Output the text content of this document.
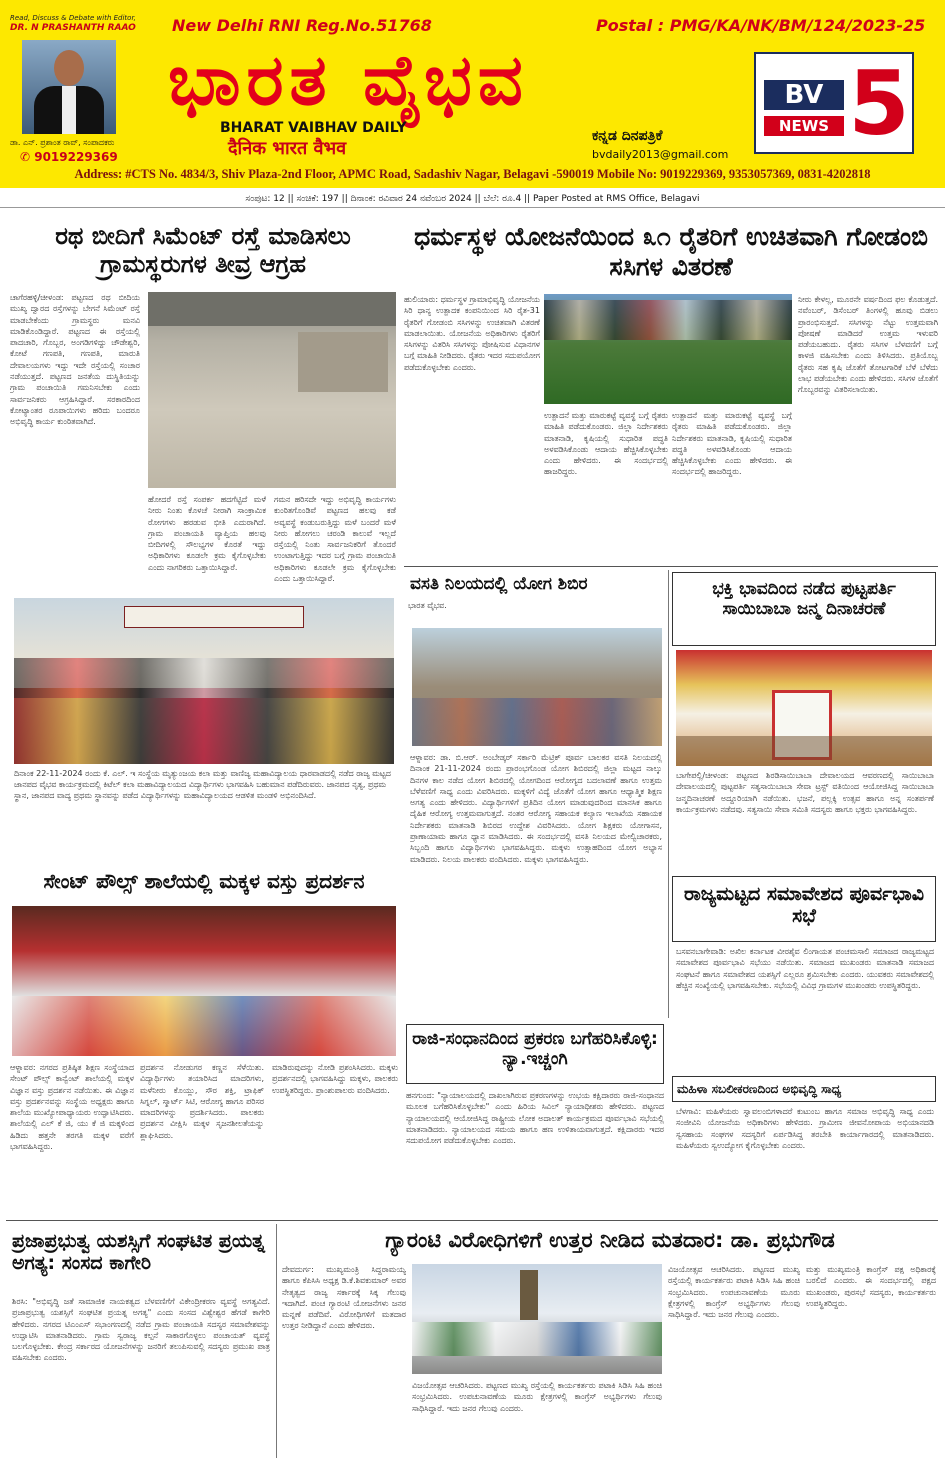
Read, Discuss & Debate with Editor,
DR. N PRASHANTH RAAO
ಡಾ. ಎನ್. ಪ್ರಶಾಂತ ರಾವ್, ಸಂಪಾದಕರು
✆ 9019229369
New Delhi RNI Reg.No.51768	Postal : PMG/KA/NK/BM/124/2023-25
ಭಾರತ ವೈಭವ
BHARAT VAIBHAV DAILY
दैनिक भारत वैभव
ಕನ್ನಡ ದಿನಪತ್ರಿಕೆ
bvdaily2013@gmail.com
BV
NEWS 5
Address: #CTS No. 4834/3, Shiv Plaza-2nd Floor, APMC Road, Sadashiv Nagar, Belagavi -590019 Mobile No: 9019229369, 9353057369, 0831-4202818
ಸಂಪುಟ: 12 || ಸಂಚಿಕೆ: 197 || ದಿನಾಂಕ: ರವಿವಾರ 24 ನವೆಂಬರ 2024 || ಬೆಲೆ: ರೂ.4 || Paper Posted at RMS Office, Belagavi
ರಥ ಬೀದಿಗೆ ಸಿಮೆಂಟ್ ರಸ್ತೆ ಮಾಡಿಸಲು ಗ್ರಾಮಸ್ಥರುಗಳ ತೀವ್ರ ಆಗ್ರಹ
ಚಾಗೆರಹಳ್ಳಿ/ಚೀಳಂಡ: ಪಟ್ಟಣದ ರಥ ಬೀದಿಯ ಮುಖ್ಯ ದ್ವಾರದ ರಸ್ತೆಗಳನ್ನು ಬೇಗನೆ ಸಿಮೆಂಟ್ ರಸ್ತೆ ಮಾಡಬೇಕೆಂದು ಗ್ರಾಮಸ್ಥರು ಮನವಿ ಮಾಡಿಕೊಂಡಿದ್ದಾರೆ. ಪಟ್ಟಣದ ಈ ರಸ್ತೆಯಲ್ಲಿ ಪಾದಚಾರಿ, ಗೊಬ್ಬರ, ಅಂಗಡಿಗಳಿದ್ದು ಚೌಡೇಶ್ವರಿ, ಕೋಟೆ ಗಣಪತಿ, ಗಣಪತಿ, ಮಾರುತಿ ದೇವಾಲಯಗಳು ಇದ್ದು ಇದೇ ರಸ್ತೆಯಲ್ಲಿ ಸಂಚಾರ ನಡೆಯುತ್ತದೆ. ಪಟ್ಟಣದ ಜನತೆಯ ದುಸ್ಥಿತಿಯನ್ನು ಗ್ರಾಮ ಪಂಚಾಯಿತಿ ಗಮನಿಸಬೇಕು ಎಂದು ಸಾರ್ವಜನಿಕರು ಆಗ್ರಹಿಸಿದ್ದಾರೆ. ಸರಕಾರದಿಂದ ಕೋಟ್ಯಾಂತರ ರೂಪಾಯಿಗಳು ಹರಿದು ಬಂದರೂ ಅಭಿವೃದ್ಧಿ ಕಾರ್ಯ ಕುಂಠಿತವಾಗಿದೆ.
ಹೋದರೆ ರಸ್ತೆ ಸಂಪರ್ಕ ಹದಗೆಟ್ಟಿದೆ ಮಳೆ ನೀರು ನಿಂತು ಕೊಳಚೆ ನೀರಾಗಿ ಸಾಂಕ್ರಾಮಿಕ ರೋಗಗಳು ಹರಡುವ ಭೀತಿ ಎದುರಾಗಿದೆ. ಗ್ರಾಮ ಪಂಚಾಯತಿ ವ್ಯಾಪ್ತಿಯ ಹಲವು ಬೀದಿಗಳಲ್ಲಿ ಸೌಲಭ್ಯಗಳ ಕೊರತೆ ಇದ್ದು ಅಧಿಕಾರಿಗಳು ಕೂಡಲೇ ಕ್ರಮ ಕೈಗೊಳ್ಳಬೇಕು ಎಂದು ನಾಗರಿಕರು ಒತ್ತಾಯಿಸಿದ್ದಾರೆ.
ಗಮನ ಹರಿಸದೇ ಇದ್ದು ಅಭಿವೃದ್ಧಿ ಕಾರ್ಯಗಳು ಕುಂಠಿತಗೊಂಡಿವೆ ಪಟ್ಟಣದ ಹಲವು ಕಡೆ ಅವ್ಯವಸ್ಥೆ ಕಂಡುಬರುತ್ತಿದ್ದು ಮಳೆ ಬಂದರೆ ಮಳೆ ನೀರು ಹೋಗಲು ಚರಂಡಿ ಕಾಲುವೆ ಇಲ್ಲದೆ ರಸ್ತೆಯಲ್ಲಿ ನಿಂತು ಸಾರ್ವಜನಿಕರಿಗೆ ತೊಂದರೆ ಉಂಟಾಗುತ್ತಿದ್ದು ಇದರ ಬಗ್ಗೆ ಗ್ರಾಮ ಪಂಚಾಯಿತಿ ಅಧಿಕಾರಿಗಳು ಕೂಡಲೇ ಕ್ರಮ ಕೈಗೊಳ್ಳಬೇಕು ಎಂದು ಒತ್ತಾಯಿಸಿದ್ದಾರೆ.
ದಿನಾಂಕ 22-11-2024 ರಂದು ಕೆ. ಎಲ್. ಇ ಸಂಸ್ಥೆಯ ಮೃತ್ಯುಂಜಯ ಕಲಾ ಮತ್ತು ವಾಣಿಜ್ಯ ಮಹಾವಿದ್ಯಾಲಯ ಧಾರವಾಡದಲ್ಲಿ ನಡೆದ ರಾಜ್ಯ ಮಟ್ಟದ ಜಾನಪದ ವೈಭವ ಕಾರ್ಯಕ್ರಮದಲ್ಲಿ ಕಿಟೆಲ್ ಕಲಾ ಮಹಾವಿದ್ಯಾಲಯದ ವಿದ್ಯಾರ್ಥಿಗಳು ಭಾಗವಹಿಸಿ ಬಹುಮಾನ ಪಡೆದಿರುವರು. ಜಾನಪದ ನೃತ್ಯ, ಪ್ರಥಮ ಸ್ಥಾನ, ಜಾನಪದ ವಾದ್ಯ ಪ್ರಥಮ ಸ್ಥಾನವನ್ನು ಪಡೆದ ವಿದ್ಯಾರ್ಥಿಗಳನ್ನು ಮಹಾವಿದ್ಯಾಲಯದ ಆಡಳಿತ ಮಂಡಳಿ ಅಭಿನಂದಿಸಿದೆ.
ಧರ್ಮಸ್ಥಳ ಯೋಜನೆಯಿಂದ ೩೧ ರೈತರಿಗೆ ಉಚಿತವಾಗಿ ಗೋಡಂಬಿ ಸಸಿಗಳ ವಿತರಣೆ
ಹುಲಿಯಾರು: ಧರ್ಮಸ್ಥಳ ಗ್ರಾಮಾಭಿವೃದ್ಧಿ ಯೋಜನೆಯ ಸಿರಿ ಧಾನ್ಯ ಉತ್ಪಾದಕ ಕಂಪನಿಯಿಂದ ಸಿರಿ ರೈತ-31 ರೈತರಿಗೆ ಗೋಡಂಬಿ ಸಸಿಗಳನ್ನು ಉಚಿತವಾಗಿ ವಿತರಣೆ ಮಾಡಲಾಯಿತು. ಯೋಜನೆಯ ಅಧಿಕಾರಿಗಳು ರೈತರಿಗೆ ಸಸಿಗಳನ್ನು ವಿತರಿಸಿ ಸಸಿಗಳನ್ನು ಪೋಷಿಸುವ ವಿಧಾನಗಳ ಬಗ್ಗೆ ಮಾಹಿತಿ ನೀಡಿದರು. ರೈತರು ಇದರ ಸದುಪಯೋಗ ಪಡೆದುಕೊಳ್ಳಬೇಕು ಎಂದರು.
ಉತ್ಪಾದನೆ ಮತ್ತು ಮಾರುಕಟ್ಟೆ ವ್ಯವಸ್ಥೆ ಬಗ್ಗೆ ರೈತರು ಮಾಹಿತಿ ಪಡೆದುಕೊಂಡರು. ಜಿಲ್ಲಾ ನಿರ್ದೇಶಕರು ಮಾತನಾಡಿ, ಕೃಷಿಯಲ್ಲಿ ಸುಧಾರಿತ ಪದ್ಧತಿ ಅಳವಡಿಸಿಕೊಂಡು ಆದಾಯ ಹೆಚ್ಚಿಸಿಕೊಳ್ಳಬೇಕು ಎಂದು ಹೇಳಿದರು. ಈ ಸಂದರ್ಭದಲ್ಲಿ ಹಾಜರಿದ್ದರು.
ಉತ್ಪಾದನೆ ಮತ್ತು ಮಾರುಕಟ್ಟೆ ವ್ಯವಸ್ಥೆ ಬಗ್ಗೆ ರೈತರು ಮಾಹಿತಿ ಪಡೆದುಕೊಂಡರು. ಜಿಲ್ಲಾ ನಿರ್ದೇಶಕರು ಮಾತನಾಡಿ, ಕೃಷಿಯಲ್ಲಿ ಸುಧಾರಿತ ಪದ್ಧತಿ ಅಳವಡಿಸಿಕೊಂಡು ಆದಾಯ ಹೆಚ್ಚಿಸಿಕೊಳ್ಳಬೇಕು ಎಂದು ಹೇಳಿದರು. ಈ ಸಂದರ್ಭದಲ್ಲಿ ಹಾಜರಿದ್ದರು.
ನೀರು ಕೇಳಲ್ಲ, ಮೂರನೇ ವರ್ಷದಿಂದ ಫಲ ಕೊಡುತ್ತದೆ. ನವೆಂಬರ್, ಡಿಸೆಂಬರ್ ತಿಂಗಳಲ್ಲಿ ಹೂವು ಬಿಡಲು ಪ್ರಾರಂಭಿಸುತ್ತದೆ. ಸಸಿಗಳನ್ನು ನೆಟ್ಟು ಉತ್ತಮವಾಗಿ ಪೋಷಣೆ ಮಾಡಿದರೆ ಉತ್ತಮ ಇಳುವರಿ ಪಡೆಯಬಹುದು. ರೈತರು ಸಸಿಗಳ ಬೆಳವಣಿಗೆ ಬಗ್ಗೆ ಕಾಳಜಿ ವಹಿಸಬೇಕು ಎಂದು ತಿಳಿಸಿದರು. ಪ್ರತಿಯೊಬ್ಬ ರೈತರು ಸಹ ಕೃಷಿ ಜೊತೆಗೆ ತೋಟಗಾರಿಕೆ ಬೆಳೆ ಬೆಳೆದು ಲಾಭ ಪಡೆಯಬೇಕು ಎಂದು ಹೇಳಿದರು. ಸಸಿಗಳ ಜೊತೆಗೆ ಗೊಬ್ಬರವನ್ನು ವಿತರಿಸಲಾಯಿತು.
ವಸತಿ ನಿಲಯದಲ್ಲಿ ಯೋಗ ಶಿಬಿರ
ಭಾರತ ವೈಭವ.
ಆಳ್ನಾವರ: ಡಾ. ಬಿ.ಆರ್. ಅಂಬೇಡ್ಕರ್ ಸರ್ಕಾರಿ ಮೆಟ್ರಿಕ್ ಪೂರ್ವ ಬಾಲಕರ ವಸತಿ ನಿಲಯದಲ್ಲಿ ದಿನಾಂಕ 21-11-2024 ರಂದು ಪ್ರಾರಂಭಗೊಂಡ ಯೋಗ ಶಿಬಿರದಲ್ಲಿ ಜಿಲ್ಲಾ ಮಟ್ಟದ ನಾಲ್ಕು ದಿನಗಳ ಕಾಲ ನಡೆದ ಯೋಗ ಶಿಬಿರದಲ್ಲಿ ಯೋಗದಿಂದ ಆರೋಗ್ಯದ ಬದಲಾವಣೆ ಹಾಗೂ ಉತ್ತಮ ಬೆಳೆವಣಿಗೆ ಸಾಧ್ಯ ಎಂದು ವಿವರಿಸಿದರು. ಮಕ್ಕಳಿಗೆ ವಿದ್ಯೆ ಜೊತೆಗೆ ಯೋಗ ಹಾಗೂ ಆಧ್ಯಾತ್ಮಿಕ ಶಿಕ್ಷಣ ಅಗತ್ಯ ಎಂದು ಹೇಳಿದರು. ವಿದ್ಯಾರ್ಥಿಗಳಿಗೆ ಪ್ರತಿದಿನ ಯೋಗ ಮಾಡುವುದರಿಂದ ಮಾನಸಿಕ ಹಾಗೂ ದೈಹಿಕ ಆರೋಗ್ಯ ಉತ್ತಮವಾಗುತ್ತದೆ. ನಂತರ ಆರೋಗ್ಯ ಸಹಾಯಕ ಕಲ್ಯಾಣ ಇಲಾಖೆಯ ಸಹಾಯಕ ನಿರ್ದೇಶಕರು ಮಾತನಾಡಿ ಶಿಬಿರದ ಉದ್ದೇಶ ವಿವರಿಸಿದರು. ಯೋಗ ಶಿಕ್ಷಕರು ಯೋಗಾಸನ, ಪ್ರಾಣಾಯಾಮ ಹಾಗೂ ಧ್ಯಾನ ಮಾಡಿಸಿದರು. ಈ ಸಂದರ್ಭದಲ್ಲಿ ವಸತಿ ನಿಲಯದ ಮೇಲ್ವಿಚಾರಕರು, ಸಿಬ್ಬಂದಿ ಹಾಗೂ ವಿದ್ಯಾರ್ಥಿಗಳು ಭಾಗವಹಿಸಿದ್ದರು. ಮಕ್ಕಳು ಉತ್ಸಾಹದಿಂದ ಯೋಗ ಅಭ್ಯಾಸ ಮಾಡಿದರು. ನಿಲಯ ಪಾಲಕರು ವಂದಿಸಿದರು. ಮಕ್ಕಳು ಭಾಗವಹಿಸಿದ್ದರು.
ಭಕ್ತಿ ಭಾವದಿಂದ ನಡೆದ ಪುಟ್ಟಪರ್ತಿ ಸಾಯಿಬಾಬಾ ಜನ್ಮ ದಿನಾಚರಣೆ
ಬಾಗೇಪಲ್ಲಿ/ಚೀಳಂಡ: ಪಟ್ಟಣದ ಶಿರಡಿಸಾಯಿಬಾಬಾ ದೇವಾಲಯದ ಆವರಣದಲ್ಲಿ ಸಾಯಿಬಾಬಾ ದೇವಾಲಯದಲ್ಲಿ ಪುಟ್ಟಪರ್ತಿ ಸತ್ಯಸಾಯಿಬಾಬಾ ಸೇವಾ ಟ್ರಸ್ಟ್ ವತಿಯಿಂದ ಆಯೋಜಿಸಿದ್ದ ಸಾಯಿಬಾಬಾ ಜನ್ಮದಿನಾಚರಣೆ ಅದ್ದೂರಿಯಾಗಿ ನಡೆಯಿತು. ಭಜನೆ, ಪಲ್ಲಕ್ಕಿ ಉತ್ಸವ ಹಾಗೂ ಅನ್ನ ಸಂತರ್ಪಣೆ ಕಾರ್ಯಕ್ರಮಗಳು ನಡೆದವು. ಸತ್ಯಸಾಯಿ ಸೇವಾ ಸಮಿತಿ ಸದಸ್ಯರು ಹಾಗೂ ಭಕ್ತರು ಭಾಗವಹಿಸಿದ್ದರು.
ಸೇಂಟ್ ಪೌಲ್ಸ್ ಶಾಲೆಯಲ್ಲಿ ಮಕ್ಕಳ ವಸ್ತು ಪ್ರದರ್ಶನ
ಆಳ್ನಾವರ: ನಗರದ ಪ್ರತಿಷ್ಠಿತ ಶಿಕ್ಷಣ ಸಂಸ್ಥೆಯಾದ ಸೇಂಟ್ ಪೌಲ್ಸ್ ಕಾನ್ವೆಂಟ್ ಶಾಲೆಯಲ್ಲಿ ಮಕ್ಕಳ ವಿಜ್ಞಾನ ವಸ್ತು ಪ್ರದರ್ಶನ ನಡೆಯಿತು. ಈ ವಿಜ್ಞಾನ ವಸ್ತು ಪ್ರದರ್ಶನವನ್ನು ಸಂಸ್ಥೆಯ ಅಧ್ಯಕ್ಷರು ಹಾಗೂ ಶಾಲೆಯ ಮುಖ್ಯೋಪಾಧ್ಯಾಯರು ಉದ್ಘಾಟಿಸಿದರು. ಶಾಲೆಯಲ್ಲಿ ಎಲ್ ಕೆ ಜಿ, ಯು ಕೆ ಜಿ ಮಕ್ಕಳಿಂದ ಹಿಡಿದು ಹತ್ತನೇ ತರಗತಿ ಮಕ್ಕಳ ವರೆಗೆ ಭಾಗವಹಿಸಿದ್ದರು.
ಪ್ರದರ್ಶನ ನೋಡುಗರ ಕಣ್ಣನ ಸೆಳೆಯಿತು. ವಿದ್ಯಾರ್ಥಿಗಳು ತಯಾರಿಸಿದ ಮಾದರಿಗಳು, ಮಳೆನೀರು ಕೊಯ್ಲು, ಸೌರ ಶಕ್ತಿ, ಟ್ರಾಫಿಕ್ ಸಿಗ್ನಲ್, ಸ್ಮಾರ್ಟ್ ಸಿಟಿ, ಆರೋಗ್ಯ ಹಾಗೂ ಪರಿಸರ ಮಾದರಿಗಳನ್ನು ಪ್ರದರ್ಶಿಸಿದರು. ಪಾಲಕರು ಪ್ರದರ್ಶನ ವೀಕ್ಷಿಸಿ ಮಕ್ಕಳ ಸೃಜನಶೀಲತೆಯನ್ನು ಶ್ಲಾಘಿಸಿದರು.
ಮಾಡಿರುವುದನ್ನು ನೋಡಿ ಪ್ರಶಂಸಿಸಿದರು. ಮಕ್ಕಳು ಪ್ರದರ್ಶನದಲ್ಲಿ ಭಾಗವಹಿಸಿದ್ದು ಮಕ್ಕಳು, ಪಾಲಕರು ಉಪಸ್ಥಿತರಿದ್ದರು. ಪ್ರಾಂಶುಪಾಲರು ವಂದಿಸಿದರು.
ರಾಜ್ಯಮಟ್ಟದ ಸಮಾವೇಶದ ಪೂರ್ವಭಾವಿ ಸಭೆ
ಬಸವನಬಾಗೇವಾಡಿ: ಅಖಿಲ ಕರ್ನಾಟಕ ವೀರಶೈವ ಲಿಂಗಾಯತ ಪಂಚಮಸಾಲಿ ಸಮಾಜದ ರಾಜ್ಯಮಟ್ಟದ ಸಮಾವೇಶದ ಪೂರ್ವಭಾವಿ ಸಭೆಯು ನಡೆಯಿತು. ಸಮಾಜದ ಮುಖಂಡರು ಮಾತನಾಡಿ ಸಮಾಜದ ಸಂಘಟನೆ ಹಾಗೂ ಸಮಾವೇಶದ ಯಶಸ್ಸಿಗೆ ಎಲ್ಲರೂ ಶ್ರಮಿಸಬೇಕು ಎಂದರು. ಯುವಕರು ಸಮಾವೇಶದಲ್ಲಿ ಹೆಚ್ಚಿನ ಸಂಖ್ಯೆಯಲ್ಲಿ ಭಾಗವಹಿಸಬೇಕು. ಸಭೆಯಲ್ಲಿ ವಿವಿಧ ಗ್ರಾಮಗಳ ಮುಖಂಡರು ಉಪಸ್ಥಿತರಿದ್ದರು.
ರಾಜಿ-ಸಂಧಾನದಿಂದ ಪ್ರಕರಣ ಬಗೆಹರಿಸಿಕೊಳ್ಳಿ: ನ್ಯಾ.ಇಚ್ಚಂಗಿ
ಹನಗುಂದ: "ನ್ಯಾಯಾಲಯದಲ್ಲಿ ದಾಖಲಾಗಿರುವ ಪ್ರಕರಣಗಳನ್ನು ಉಭಯ ಕಕ್ಷಿದಾರರು ರಾಜಿ-ಸಂಧಾನದ ಮೂಲಕ ಬಗೆಹರಿಸಿಕೊಳ್ಳಬೇಕು" ಎಂದು ಹಿರಿಯ ಸಿವಿಲ್ ನ್ಯಾಯಾಧೀಶರು ಹೇಳಿದರು. ಪಟ್ಟಣದ ನ್ಯಾಯಾಲಯದಲ್ಲಿ ಆಯೋಜಿಸಿದ್ದ ರಾಷ್ಟ್ರೀಯ ಲೋಕ ಅದಾಲತ್ ಕಾರ್ಯಕ್ರಮದ ಪೂರ್ವಭಾವಿ ಸಭೆಯಲ್ಲಿ ಮಾತನಾಡಿದರು. ನ್ಯಾಯಾಲಯದ ಸಮಯ ಹಾಗೂ ಹಣ ಉಳಿತಾಯವಾಗುತ್ತದೆ. ಕಕ್ಷಿದಾರರು ಇದರ ಸದುಪಯೋಗ ಪಡೆದುಕೊಳ್ಳಬೇಕು ಎಂದರು.
ಮಹಿಳಾ ಸಬಲೀಕರಣದಿಂದ ಅಭಿವೃದ್ಧಿ ಸಾಧ್ಯ
ಬೆಳಗಾವಿ: ಮಹಿಳೆಯರು ಸ್ವಾವಲಂಬಿಗಳಾದರೆ ಕುಟುಂಬ ಹಾಗೂ ಸಮಾಜ ಅಭಿವೃದ್ಧಿ ಸಾಧ್ಯ ಎಂದು ಸಂಜೀವಿನಿ ಯೋಜನೆಯ ಅಧಿಕಾರಿಗಳು ಹೇಳಿದರು. ಗ್ರಾಮೀಣ ಜೀವನೋಪಾಯ ಅಭಿಯಾನದಡಿ ಸ್ವಸಹಾಯ ಸಂಘಗಳ ಸದಸ್ಯರಿಗೆ ಏರ್ಪಡಿಸಿದ್ದ ತರಬೇತಿ ಕಾರ್ಯಾಗಾರದಲ್ಲಿ ಮಾತನಾಡಿದರು. ಮಹಿಳೆಯರು ಸ್ವಉದ್ಯೋಗ ಕೈಗೊಳ್ಳಬೇಕು ಎಂದರು.
ಪ್ರಜಾಪ್ರಭುತ್ವ ಯಶಸ್ಸಿಗೆ ಸಂಘಟಿತ ಪ್ರಯತ್ನ ಅಗತ್ಯ: ಸಂಸದ ಕಾಗೇರಿ
ಶಿರಸಿ: "ಅಭಿವೃದ್ಧಿ ಜತೆ ಸಾಮಾಜಿಕ ನಾಯಕತ್ವದ ಬೆಳವಣಿಗೆಗೆ ವಿಕೇಂದ್ರೀಕರಣ ವ್ಯವಸ್ಥೆ ಅಗತ್ಯವಿದೆ. ಪ್ರಜಾಪ್ರಭುತ್ವ ಯಶಸ್ಸಿಗೆ ಸಂಘಟಿತ ಪ್ರಯತ್ನ ಅಗತ್ಯ" ಎಂದು ಸಂಸದ ವಿಶ್ವೇಶ್ವರ ಹೆಗಡೆ ಕಾಗೇರಿ ಹೇಳಿದರು. ನಗರದ ಟಿಎಂಎಸ್ ಸಭಾಂಗಣದಲ್ಲಿ ನಡೆದ ಗ್ರಾಮ ಪಂಚಾಯತಿ ಸದಸ್ಯರ ಸಮಾವೇಶವನ್ನು ಉದ್ಘಾಟಿಸಿ ಮಾತನಾಡಿದರು. ಗ್ರಾಮ ಸ್ವರಾಜ್ಯ ಕಲ್ಪನೆ ಸಾಕಾರಗೊಳ್ಳಲು ಪಂಚಾಯತ್ ವ್ಯವಸ್ಥೆ ಬಲಗೊಳ್ಳಬೇಕು. ಕೇಂದ್ರ ಸರ್ಕಾರದ ಯೋಜನೆಗಳನ್ನು ಜನರಿಗೆ ತಲುಪಿಸುವಲ್ಲಿ ಸದಸ್ಯರು ಪ್ರಮುಖ ಪಾತ್ರ ವಹಿಸಬೇಕು ಎಂದರು.
ಗ್ಯಾರಂಟಿ ವಿರೋಧಿಗಳಿಗೆ ಉತ್ತರ ನೀಡಿದ ಮತದಾರ: ಡಾ. ಪ್ರಭುಗೌಡ
ದೇವದುರ್ಗ: ಮುಖ್ಯಮಂತ್ರಿ ಸಿದ್ದರಾಮಯ್ಯ ಹಾಗೂ ಕೆಪಿಸಿಸಿ ಅಧ್ಯಕ್ಷ ಡಿ.ಕೆ.ಶಿವಕುಮಾರ್ ಅವರ ನೇತೃತ್ವದ ರಾಜ್ಯ ಸರ್ಕಾರಕ್ಕೆ ಸಿಕ್ಕ ಗೆಲುವು ಇದಾಗಿದೆ. ಪಂಚ ಗ್ಯಾರಂಟಿ ಯೋಜನೆಗಳು ಜನರ ಮನ್ನಣೆ ಪಡೆದಿವೆ. ವಿರೋಧಿಗಳಿಗೆ ಮತದಾರ ಉತ್ತರ ನೀಡಿದ್ದಾನೆ ಎಂದು ಹೇಳಿದರು.
ವಿಜಯೋತ್ಸವ ಆಚರಿಸಿದರು. ಪಟ್ಟಣದ ಮುಖ್ಯ ರಸ್ತೆಯಲ್ಲಿ ಕಾರ್ಯಕರ್ತರು ಪಟಾಕಿ ಸಿಡಿಸಿ ಸಿಹಿ ಹಂಚಿ ಸಂಭ್ರಮಿಸಿದರು. ಉಪಚುನಾವಣೆಯ ಮೂರು ಕ್ಷೇತ್ರಗಳಲ್ಲಿ ಕಾಂಗ್ರೆಸ್ ಅಭ್ಯರ್ಥಿಗಳು ಗೆಲುವು ಸಾಧಿಸಿದ್ದಾರೆ. ಇದು ಜನರ ಗೆಲುವು ಎಂದರು.
ವಿಜಯೋತ್ಸವ ಆಚರಿಸಿದರು. ಪಟ್ಟಣದ ಮುಖ್ಯ ರಸ್ತೆಯಲ್ಲಿ ಕಾರ್ಯಕರ್ತರು ಪಟಾಕಿ ಸಿಡಿಸಿ ಸಿಹಿ ಹಂಚಿ ಸಂಭ್ರಮಿಸಿದರು. ಉಪಚುನಾವಣೆಯ ಮೂರು ಕ್ಷೇತ್ರಗಳಲ್ಲಿ ಕಾಂಗ್ರೆಸ್ ಅಭ್ಯರ್ಥಿಗಳು ಗೆಲುವು ಸಾಧಿಸಿದ್ದಾರೆ. ಇದು ಜನರ ಗೆಲುವು ಎಂದರು.
ಮತ್ತು ಮುಖ್ಯಮಂತ್ರಿ ಕಾಂಗ್ರೆಸ್ ಪಕ್ಷ ಅಧಿಕಾರಕ್ಕೆ ಬರಲಿದೆ ಎಂದರು. ಈ ಸಂದರ್ಭದಲ್ಲಿ ಪಕ್ಷದ ಮುಖಂಡರು, ಪುರಸಭೆ ಸದಸ್ಯರು, ಕಾರ್ಯಕರ್ತರು ಉಪಸ್ಥಿತರಿದ್ದರು.
